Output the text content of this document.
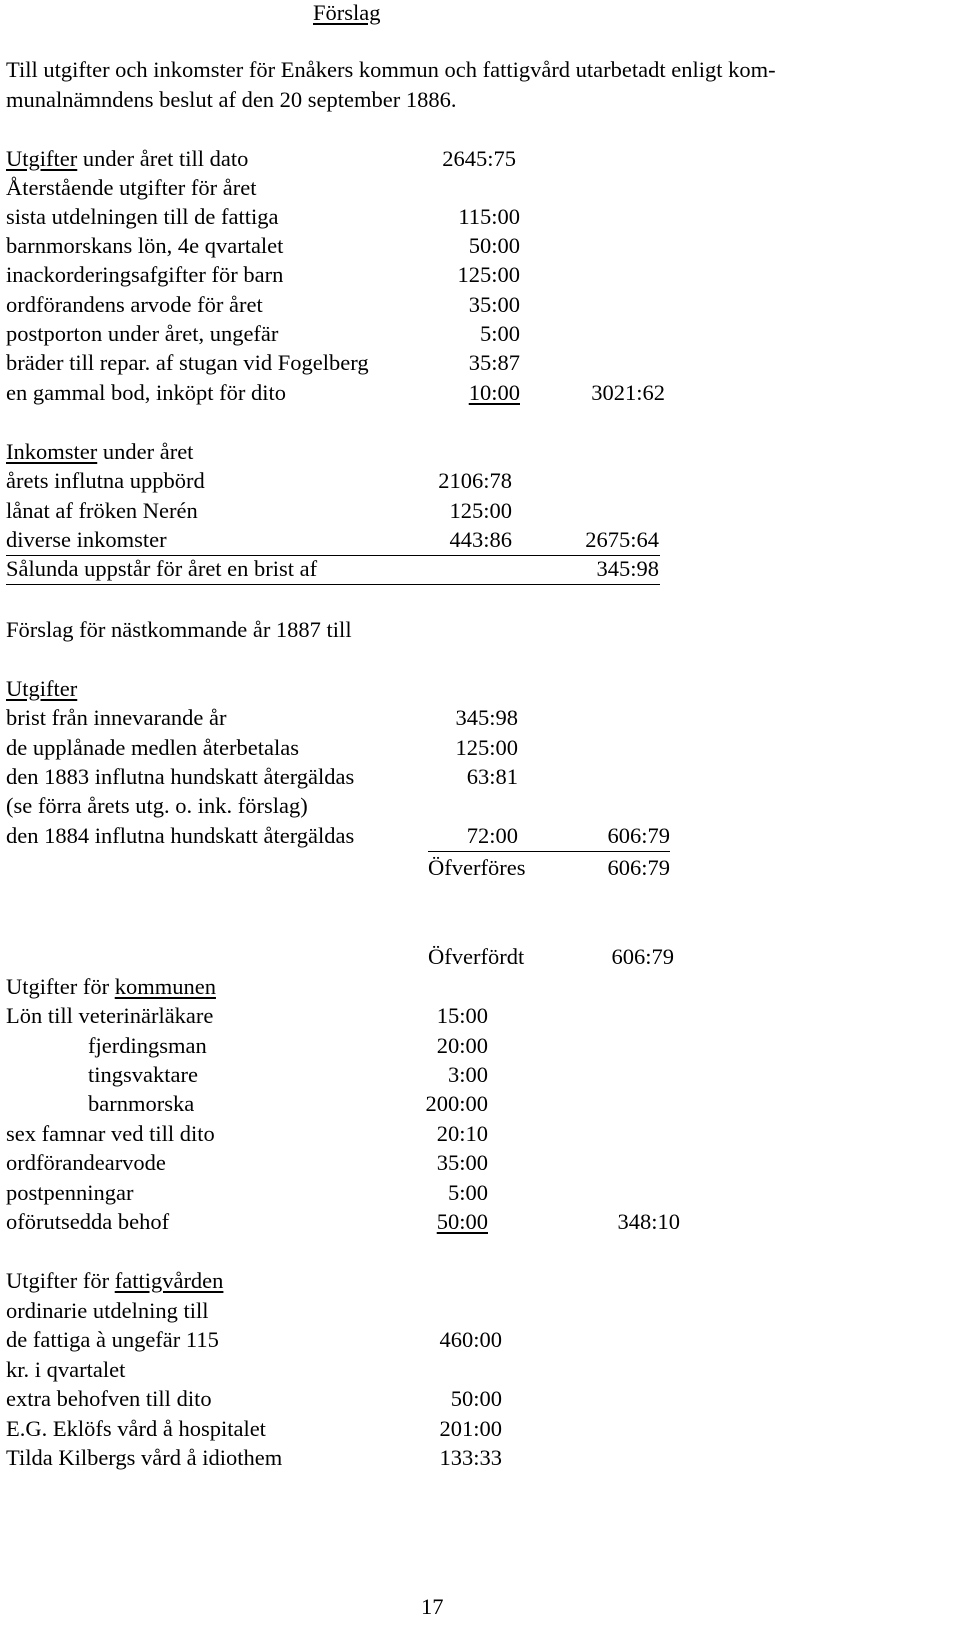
Förslag
Till utgifter och inkomster för Enåkers kommun och fattigvård utarbetadt enligt kom-
munalnämndens beslut af den 20 september 1886.
Utgifter under året till dato	2645:75
Återstående utgifter för året
sista utdelningen till de fattiga	115:00
barnmorskans lön, 4e qvartalet	50:00
inackorderingsafgifter för barn	125:00
ordförandens arvode för året	35:00
postporton under året, ungefär	5:00
bräder till repar. af stugan vid Fogelberg	35:87
en gammal bod, inköpt för dito	10:00	3021:62
Inkomster under året
årets influtna uppbörd	2106:78
lånat af fröken Nerén	125:00
diverse inkomster	443:86	2675:64
Sålunda uppstår för året en brist af	345:98
Förslag för nästkommande år 1887 till
Utgifter
brist från innevarande år	345:98
de upplånade medlen återbetalas	125:00
den 1883 influtna hundskatt återgäldas	63:81
(se förra årets utg. o. ink. förslag)
den 1884 influtna hundskatt återgäldas	72:00	606:79
Öfverföres	606:79
Öfverfördt	606:79
Utgifter för kommunen
Lön till veterinärläkare	15:00
fjerdingsman	20:00
tingsvaktare	3:00
barnmorska	200:00
sex famnar ved till dito	20:10
ordförandearvode	35:00
postpenningar	5:00
oförutsedda behof	50:00	348:10
Utgifter för fattigvården
ordinarie utdelning till
de fattiga à ungefär 115	460:00
kr. i qvartalet
extra behofven till dito	50:00
E.G. Eklöfs vård å hospitalet	201:00
Tilda Kilbergs vård å idiothem	133:33
17
